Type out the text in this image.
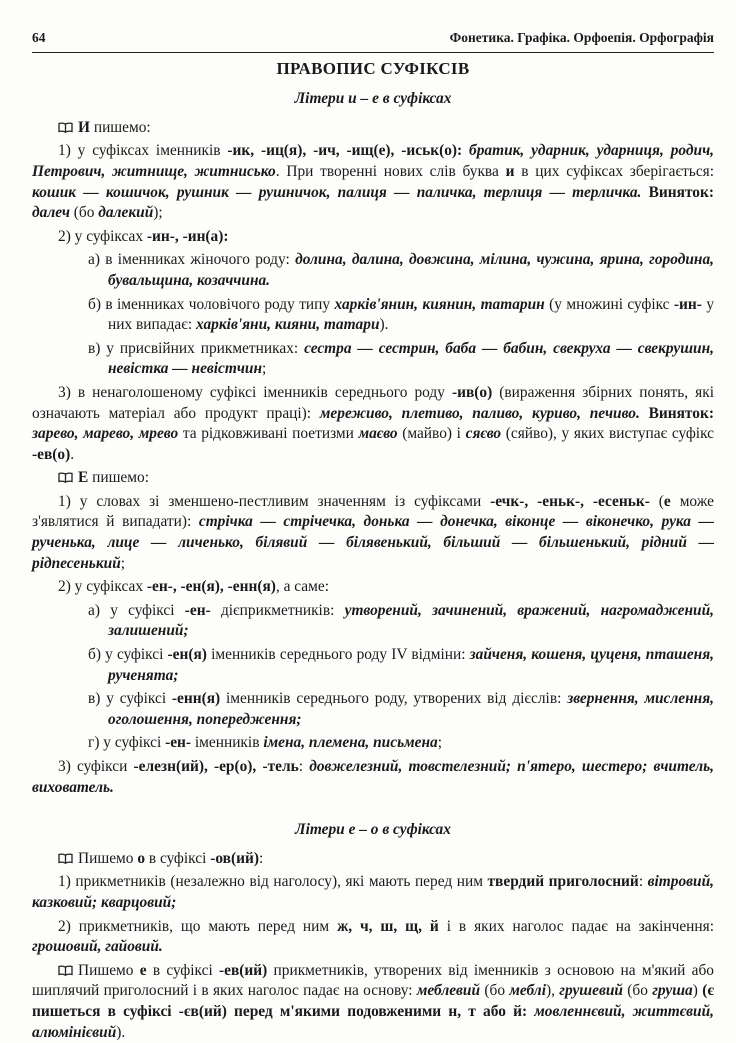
64	Фонетика. Графіка. Орфоепія. Орфографія
ПРАВОПИС СУФІКСІВ
Літери и – е в суфіксах

И пишемо:

1) у суфіксах іменників -ик, -иц(я), -ич, -ищ(е), -иськ(о): братик, ударник, ударниця, родич, Петрович, житнище, житнисько. При творенні нових слів буква и в цих суфіксах зберігається: кошик — кошичок, рушник — рушничок, палиця — паличка, терлиця — терличка. Виняток: далеч (бо далекий);

2) у суфіксах -ин-, -ин(а):

а) в іменниках жіночого роду: долина, далина, довжина, мілина, чужина, ярина, городина, бувальщина, козаччина.

б) в іменниках чоловічого роду типу харків'янин, киянин, татарин (у множині суфікс -ин- у них випадає: харків'яни, кияни, татари).

в) у присвійних прикметниках: сестра — сестрин, баба — бабин, свекруха — свекрушин, невістка — невістчин;

3) в ненаголошеному суфіксі іменників середнього роду -ив(о) (вираження збірних понять, які означають матеріал або продукт праці): мереживо, плетиво, паливо, куриво, печиво. Виняток: зарево, марево, мрево та рідковживані поетизми маєво (майво) і сяєво (сяйво), у яких виступає суфікс -ев(о).

Е пишемо:

1) у словах зі зменшено-пестливим значенням із суфіксами -ечк-, -еньк-, -есеньк- (е може з'являтися й випадати): стрічка — стрічечка, донька — донечка, віконце — віконечко, рука — рученька, лице — личенько, білявий — білявенький, більший — більшенький, рідний — рідnесенький;

2) у суфіксах -ен-, -ен(я), -енн(я), а саме:

а) у суфіксі -ен- дієприкметників: утворений, зачинений, вражений, нагромаджений, залишений;

б) у суфіксі -ен(я) іменників середнього роду IV відміни: зайченя, кошеня, цуценя, пташеня, рученята;

в) у суфіксі -енн(я) іменників середнього роду, утворених від дієслів: звернення, мислення, оголошення, попередження;

г) у суфіксі -ен- іменників імена, племена, письмена;

3) суфікси -елезн(ий), -ер(о), -тель: довжелезний, товстелезний; п'ятеро, шестеро; вчитель, вихователь.

Літери е – о в суфіксах

Пишемо о в суфіксі -ов(ий):

1) прикметників (незалежно від наголосу), які мають перед ним твердий приголосний: вітровий, казковий; кварцовий;

2) прикметників, що мають перед ним ж, ч, ш, щ, й і в яких наголос падає на закінчення: грошовий, гайовий.

Пишемо е в суфіксі -ев(ий) прикметників, утворених від іменників з основою на м'який або шиплячий приголосний і в яких наголос падає на основу: меблевий (бо меблі), грушевий (бо груша) (є пишеться в суфіксі -єв(ий) перед м'якими подовженими н, т або й: мовленнєвий, життєвий, алюмінієвий).
